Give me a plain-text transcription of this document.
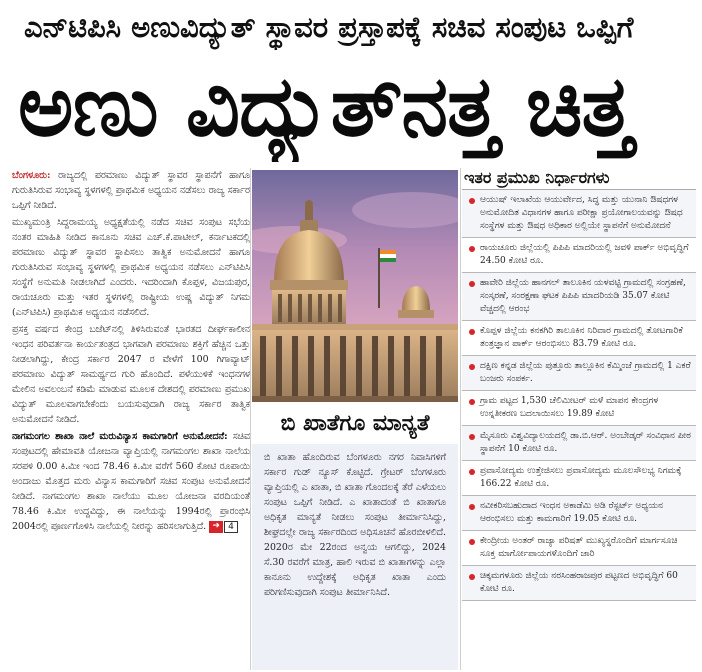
ಎನ್‌ಟಿಪಿಸಿ ಅಣುವಿದ್ಯುತ್ ಸ್ಥಾವರ ಪ್ರಸ್ತಾಪಕ್ಕೆ ಸಚಿವ ಸಂಪುಟ ಒಪ್ಪಿಗೆ
ಅಣು ವಿದ್ಯುತ್‌ನತ್ತ ಚಿತ್ತ

ಬೆಂಗಳೂರು: ರಾಜ್ಯದಲ್ಲಿ ಪರಮಾಣು ವಿದ್ಯುತ್ ಸ್ಥಾವರ ಸ್ಥಾಪನೆಗೆ ಹಾಗೂ ಗುರುತಿಸಿರುವ ಸಂಭಾವ್ಯ ಸ್ಥಳಗಳಲ್ಲಿ ಪ್ರಾಥಮಿಕ ಅಧ್ಯಯನ ನಡೆಸಲು ರಾಜ್ಯ ಸರ್ಕಾರ ಒಪ್ಪಿಗೆ ನೀಡಿದೆ.

ಮುಖ್ಯಮಂತ್ರಿ ಸಿದ್ದರಾಮಯ್ಯ ಅಧ್ಯಕ್ಷತೆಯಲ್ಲಿ ನಡೆದ ಸಚಿವ ಸಂಪುಟ ಸಭೆಯ ನಂತರ ಮಾಹಿತಿ ನೀಡಿದ ಕಾನೂನು ಸಚಿವ ಎಚ್.ಕೆ.ಪಾಟೀಲ್, ಕರ್ನಾಟಕದಲ್ಲಿ ಪರಮಾಣು ವಿದ್ಯುತ್ ಸ್ಥಾವರ ಸ್ಥಾಪಿಸಲು ತಾತ್ವಿಕ ಅನುಮೋದನೆ ಹಾಗೂ ಗುರುತಿಸಿರುವ ಸಂಭಾವ್ಯ ಸ್ಥಳಗಳಲ್ಲಿ ಪ್ರಾಥಮಿಕ ಅಧ್ಯಯನ ನಡೆಸಲು ಎನ್‌ಟಿಪಿಸಿ ಸಂಸ್ಥೆಗೆ ಅನುಮತಿ ನೀಡಲಾಗಿದೆ ಎಂದರು. ಇದರಿಂದಾಗಿ ಕೊಪ್ಪಳ, ವಿಜಯಪುರ, ರಾಯಚೂರು ಮತ್ತು ಇತರ ಸ್ಥಳಗಳಲ್ಲಿ ರಾಷ್ಟ್ರೀಯ ಉಷ್ಣ ವಿದ್ಯುತ್ ನಿಗಮ (ಎನ್‌ಟಿಪಿಸಿ) ಪ್ರಾಥಮಿಕ ಅಧ್ಯಯನ ನಡೆಸಲಿದೆ.

ಪ್ರಸಕ್ತ ವರ್ಷದ ಕೇಂದ್ರ ಬಜೆಟ್‌ನಲ್ಲಿ ತಿಳಿಸಿರುವಂತೆ ಭಾರತದ ದೀರ್ಘಕಾಲೀನ ಇಂಧನ ಪರಿವರ್ತನಾ ಕಾರ್ಯತಂತ್ರದ ಭಾಗವಾಗಿ ಪರಮಾಣು ಶಕ್ತಿಗೆ ಹೆಚ್ಚಿನ ಒತ್ತು ನೀಡಲಾಗಿದ್ದು, ಕೇಂದ್ರ ಸರ್ಕಾರ 2047 ರ ವೇಳೆಗೆ 100 ಗಿಗಾವ್ಯಾಟ್ ಪರಮಾಣು ವಿದ್ಯುತ್ ಸಾಮರ್ಥ್ಯದ ಗುರಿ ಹೊಂದಿದೆ. ಪಳೆಯುಳಿಕೆ ಇಂಧನಗಳ ಮೇಲಿನ ಅವಲಂಬನೆ ಕಡಿಮೆ ಮಾಡುವ ಮೂಲಕ ದೇಶದಲ್ಲಿ ಪರಮಾಣು ಪ್ರಮುಖ ವಿದ್ಯುತ್ ಮೂಲವಾಗಬೇಕೆಂದು ಬಯಸುವುದಾಗಿ ರಾಜ್ಯ ಸರ್ಕಾರ ತಾತ್ವಿಕ ಅನುಮೋದನೆ ನೀಡಿದೆ.

ನಾಗಮಂಗಲ ಶಾಖಾ ನಾಲೆ ಮರುವಿನ್ಯಾಸ ಕಾಮಗಾರಿಗೆ ಅನುಮೋದನೆ: ಸಚಿವ ಸಂಪುಟದಲ್ಲಿ ಹೇಮಾವತಿ ಯೋಜನಾ ವ್ಯಾಪ್ತಿಯಲ್ಲಿ ನಾಗಮಂಗಲ ಶಾಖಾ ನಾಲೆಯ ಸರಪಳಿ 0.00 ಕಿ.ಮೀ ಇಂದ 78.46 ಕಿ.ಮೀ ವರೆಗೆ 560 ಕೋಟಿ ರೂಪಾಯಿ ಅಂದಾಜು ಮೊತ್ತದ ಮರು ವಿನ್ಯಾಸ ಕಾಮಗಾರಿಗೆ ಸಚಿವ ಸಂಪುಟ ಅನುಮೋದನೆ ನೀಡಿದೆ. ನಾಗಮಂಗಲ ಶಾಖಾ ನಾಲೆಯು ಮೂಲ ಯೋಜನಾ ವರದಿಯಂತೆ 78.46 ಕಿ.ಮೀ ಉದ್ದವಿದ್ದು, ಈ ನಾಲೆಯನ್ನು 1994ರಲ್ಲಿ ಪ್ರಾರಂಭಿಸಿ 2004ರಲ್ಲಿ ಪೂರ್ಣಗೊಳಿಸಿ ನಾಲೆಯಲ್ಲಿ ನೀರನ್ನು ಹರಿಸಲಾಗುತ್ತಿದೆ. ➜ 4

ಬಿ ಖಾತೆಗೂ ಮಾನ್ಯತೆ
ಬಿ ಖಾತಾ ಹೊಂದಿರುವ ಬೆಂಗಳೂರು ನಗರ ನಿವಾಸಿಗಳಿಗೆ ಸರ್ಕಾರ ಗುಡ್ ನ್ಯೂಸ್ ಕೊಟ್ಟಿದೆ. ಗ್ರೇಟರ್ ಬೆಂಗಳೂರು ವ್ಯಾಪ್ತಿಯಲ್ಲಿ ಎ ಖಾತಾ, ಬಿ ಖಾತಾ ಗೊಂದಲಕ್ಕೆ ತೆರೆ ಎಳೆಯಲು ಸಂಪುಟ ಒಪ್ಪಿಗೆ ನೀಡಿದೆ. ಎ ಖಾತಾದಂತೆ ಬಿ ಖಾತಾಗೂ ಅಧಿಕೃತ ಮಾನ್ಯತೆ ನೀಡಲು ಸಂಪುಟ ತೀರ್ಮಾನಿಸಿದ್ದು, ಶೀಘ್ರದಲ್ಲೇ ರಾಜ್ಯ ಸರ್ಕಾರದಿಂದ ಅಧಿಸೂಚನೆ ಹೊರಬೀಳಲಿದೆ. 2020ರ ಮೇ 22ರಂದ ಅನ್ವಯ ಆಗಲಿದ್ದು, 2024 ಸೆ.30 ರವರೆಗೆ ಮಾತ್ರ, ಹಾಲಿ ಇರುವ ಬಿ ಖಾತಾಗಳನ್ನು ಎಲ್ಲಾ ಕಾನೂನು ಉದ್ದೇಶಕ್ಕೆ ಅಧಿಕೃತ ಖಾತಾ ಎಂದು ಪರಿಗಣಿಸುವುದಾಗಿ ಸಂಪುಟ ತೀರ್ಮಾನಿಸಿದೆ.
ಇತರ ಪ್ರಮುಖ ನಿರ್ಧಾರಗಳು
ಆಯುಷ್ ಇಲಾಖೆಯ ಆಯುರ್ವೇದ, ಸಿದ್ಧ ಮತ್ತು ಯುನಾನಿ ಔಷಧಗಳ ಅನುಮೋದಿತ ವಿಧಾನಗಳ ಹಾಗೂ ಪರೀಕ್ಷಾ ಪ್ರಯೋಗಾಲಯವನ್ನು ಔಷಧ ಸಂಸ್ಥೆಗಳ ಮತ್ತು ಔಷಧ ಅಧಿಕಾರ ಅಲ್ಲಿಯೇ ಸ್ಥಾಪನೆಗೆ ಅನುಮೋದನೆ
ರಾಯಚೂರು ಜಿಲ್ಲೆಯಲ್ಲಿ ಪಿಪಿಪಿ ಮಾದರಿಯಲ್ಲಿ ಜವಳಿ ಪಾರ್ಕ್ ಅಭಿವೃದ್ಧಿಗೆ 24.50 ಕೋಟಿ ರೂ.
ಹಾವೇರಿ ಜಿಲ್ಲೆಯ ಹಾನಗಲ್ ತಾಲೂಕಿನ ಯಳವಟ್ಟಿ ಗ್ರಾಮದಲ್ಲಿ ಸಂಗ್ರಹಣೆ, ಸಂಸ್ಕರಣೆ, ಸಂರಕ್ಷಣಾ ಘಟಕ ಪಿಪಿಪಿ ಮಾದರಿಯಡಿ 35.07 ಕೋಟಿ ವೆಚ್ಚದಲ್ಲಿ ಆರಂಭ
ಕೊಪ್ಪಳ ಜಿಲ್ಲೆಯ ಕನಕಗಿರಿ ತಾಲೂಕಿನ ನಿರಿವಾರ ಗ್ರಾಮದಲ್ಲಿ ತೋಟಗಾರಿಕೆ ತಂತ್ರಜ್ಞಾನ ಪಾರ್ಕ್ ಆರಂಭಿಸಲು 83.79 ಕೋಟಿ ರೂ.
ದಕ್ಷಿಣ ಕನ್ನಡ ಜಿಲ್ಲೆಯ ಪುತ್ತೂರು ತಾಲ್ಲೂಕಿನ ಕೆಮ್ಮಿಂಜೆ ಗ್ರಾಮದಲ್ಲಿ 1 ಎಕರೆ ಬಂಜರು ಸಂಪರ್ಕ.
ಗ್ರಾಮ ಪಟ್ಟದ 1,530 ಚೆಲಿಮೀಟರ್ ಮಳೆ ಮಾಪನ ಕೇಂದ್ರಗಳ ಉನ್ನತೀಕರಣ ಬದಲಾಯಿಸಲು 19.89 ಕೋಟಿ
ಮೈಸೂರು ವಿಶ್ವವಿದ್ಯಾಲಯದಲ್ಲಿ ಡಾ.ಬಿ.ಆರ್. ಅಂಬೇಡ್ಕರ್ ಸಂವಿಧಾನ ಪೀಠ ಸ್ಥಾಪನೆಗೆ 10 ಕೋಟಿ ರೂ.
ಪ್ರವಾಸೋದ್ಯಮ ಉತ್ತೇಜಿಸಲು ಪ್ರವಾಸೋದ್ಯಮ ಮೂಲಸೌಲಭ್ಯ ನಿಗಮಕ್ಕೆ 166.22 ಕೋಟಿ ರೂ.
ನವೀಕರಿಸಬಹುದಾದ ಇಂಧನ ಅಕಾಡೆಮಿ ಅಡಿ ರೆಸ್ಟರ್ಟ್ ಅಧ್ಯಯನ ಆರಂಭಿಸಲು ಮತ್ತು ಕಾಮಗಾರಿಗೆ 19.05 ಕೋಟಿ ರೂ.
ಕೇಂದ್ರೀಯ ಅಂತರ್ ರಾಜ್ಯಾ ಪರಿಷತ್ ಮುಖ್ಯಸ್ಥರೊಂದಿಗೆ ಮಾರ್ಗಸೂಚಿ ಸೂಕ್ತ ಮಾರ್ಗೋಪಾಯಗಳೊಂದಿಗೆ ಜಾರಿ
ಚಿಕ್ಕಮಗಳೂರು ಜಿಲ್ಲೆಯ ನರಸಿಂಹರಾಜಪುರ ಪಟ್ಟಣದ ಅಭಿವೃದ್ಧಿಗೆ 60 ಕೋಟಿ ರೂ.
